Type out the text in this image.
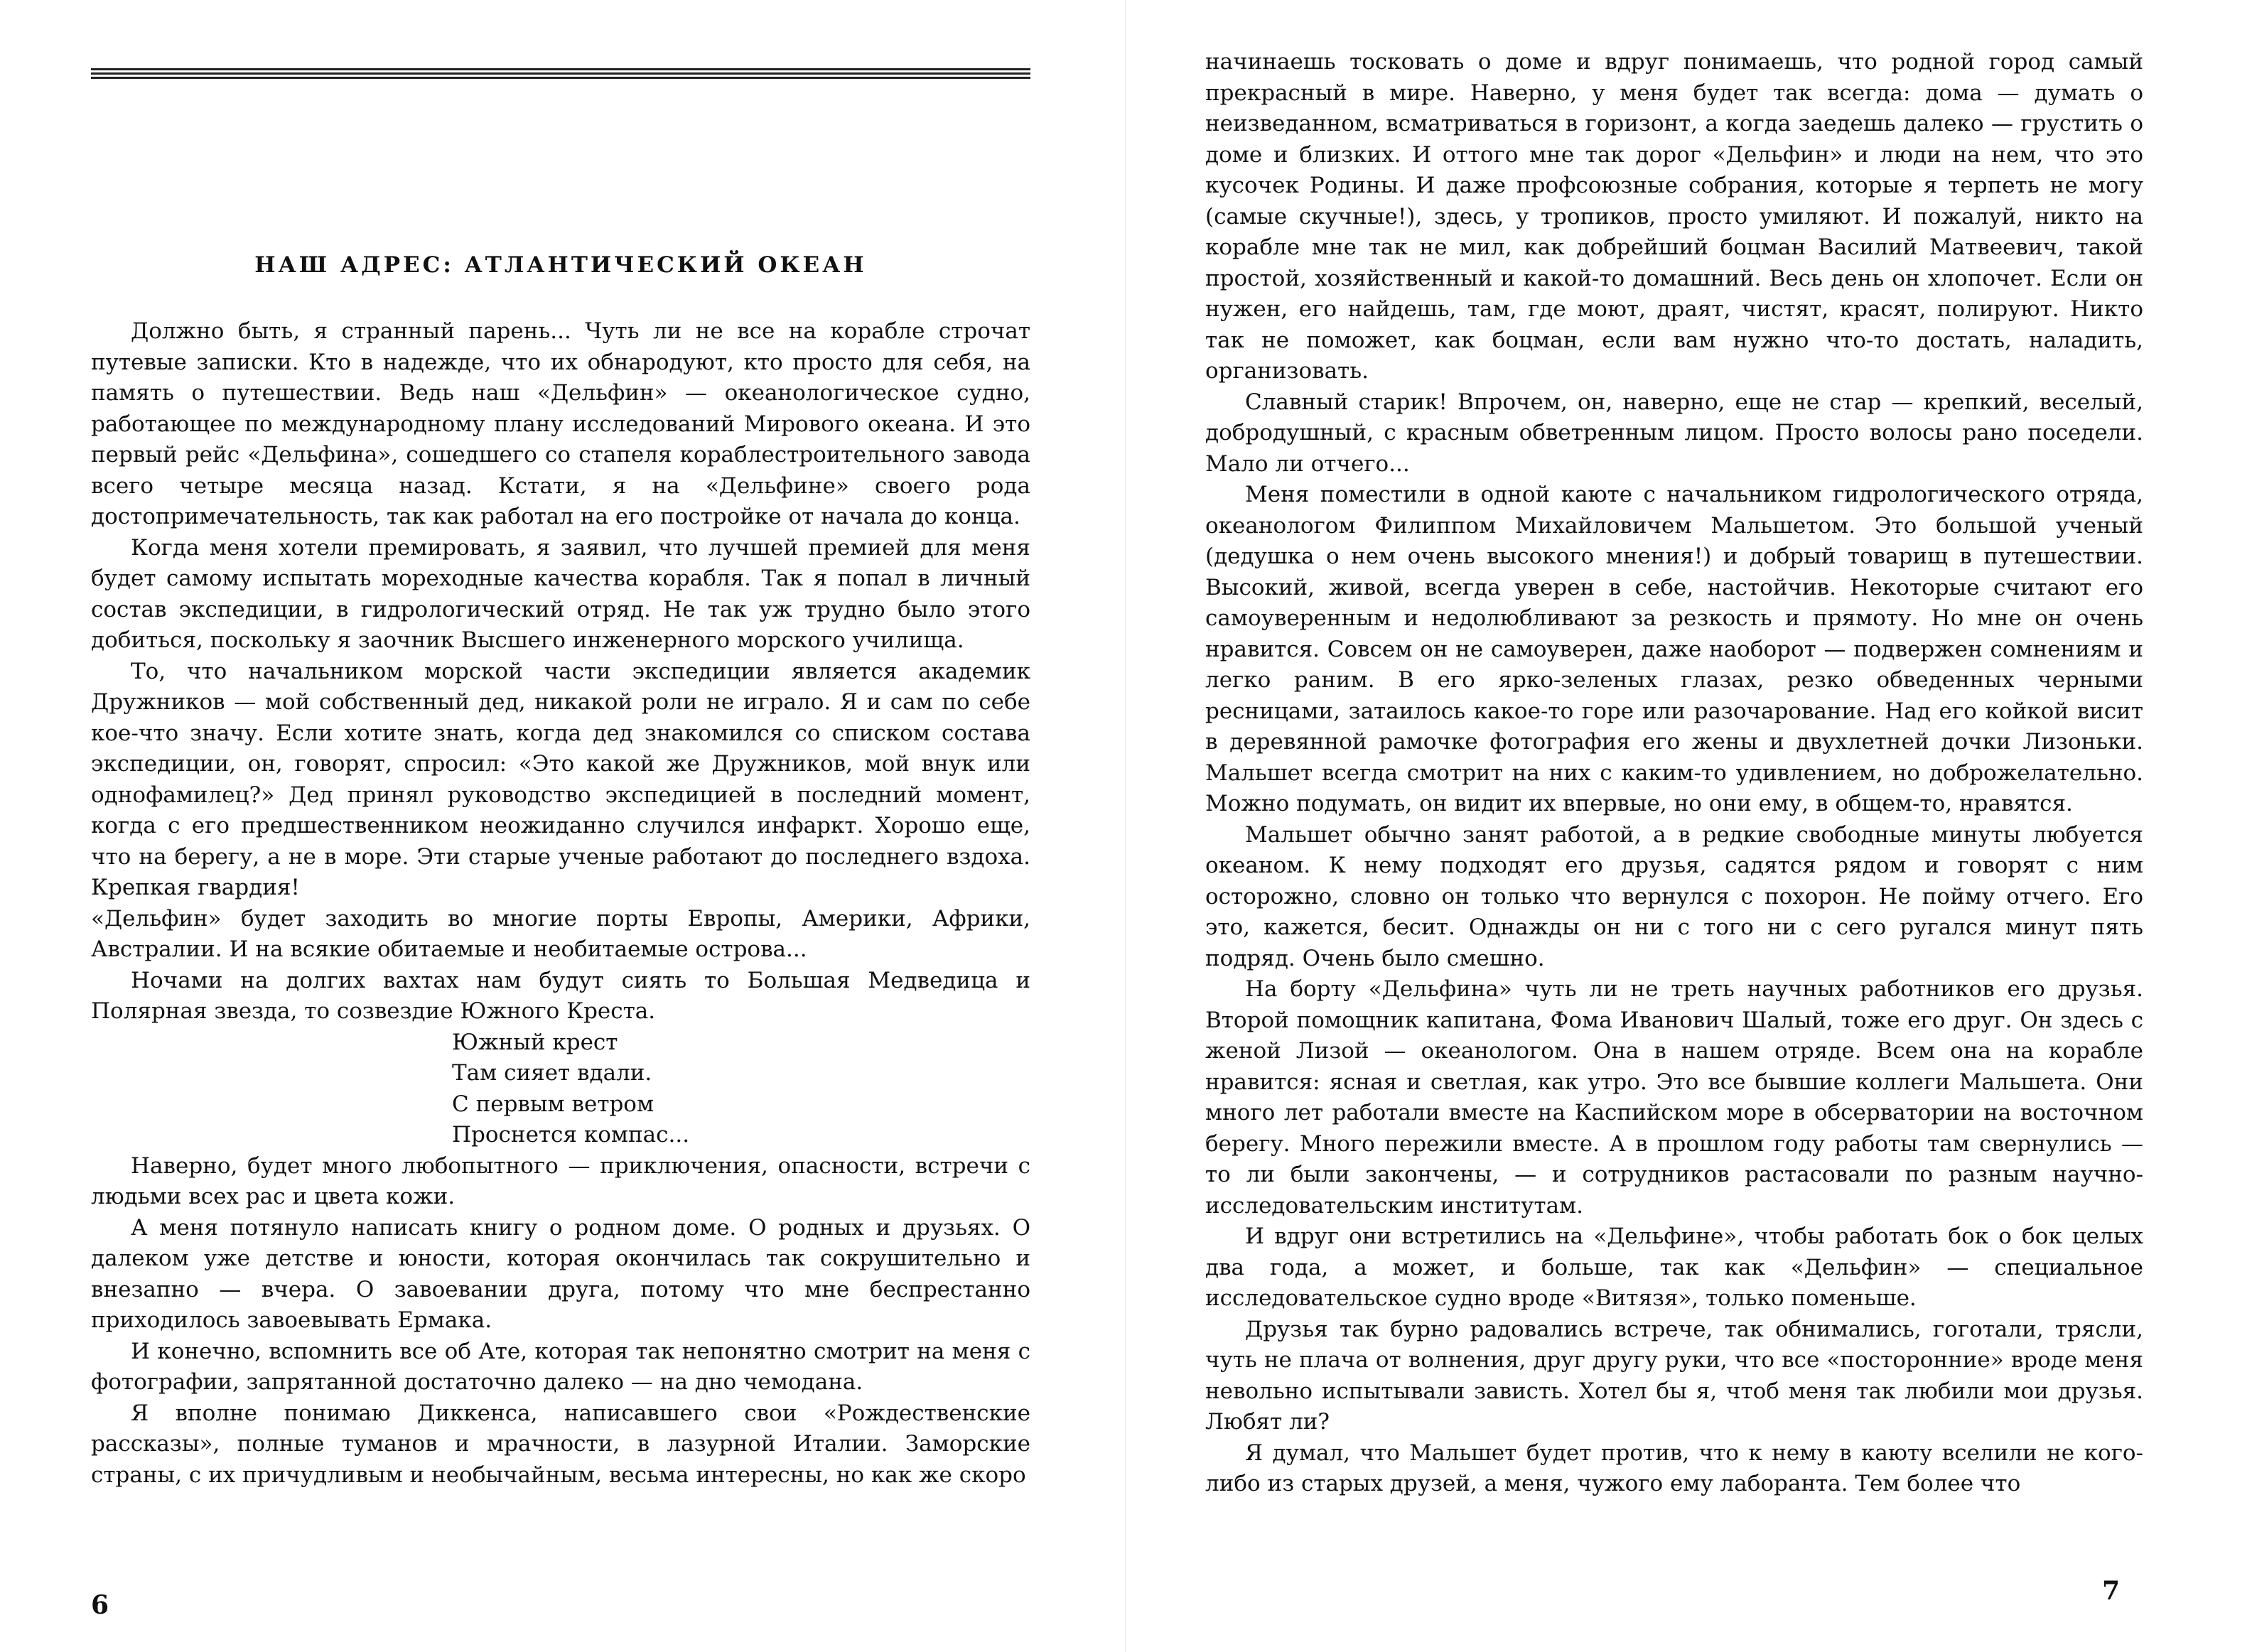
НАШ АДРЕС: АТЛАНТИЧЕСКИЙ ОКЕАН

Должно быть, я странный парень... Чуть ли не все на корабле строчат путевые записки. Кто в надежде, что их обнародуют, кто просто для себя, на память о путешествии. Ведь наш «Дельфин» — океанологическое судно, работающее по международному плану исследований Мирового океана. И это первый рейс «Дельфина», сошедшего со стапеля кораблестроительного завода всего четыре месяца назад. Кстати, я на «Дельфине» своего рода достопримечательность, так как работал на его постройке от начала до конца.

Когда меня хотели премировать, я заявил, что лучшей премией для меня будет самому испытать мореходные качества корабля. Так я попал в личный состав экспедиции, в гидрологический отряд. Не так уж трудно было этого добиться, поскольку я заочник Высшего инженерного морского училища.

То, что начальником морской части экспедиции является академик Дружников — мой собственный дед, никакой роли не играло. Я и сам по себе кое-что значу. Если хотите знать, когда дед знакомился со списком состава экспедиции, он, говорят, спросил: «Это какой же Дружников, мой внук или однофамилец?» Дед принял руководство экспедицией в последний момент, когда с его предшественником неожиданно случился инфаркт. Хорошо еще, что на берегу, а не в море. Эти старые ученые работают до последнего вздоха. Крепкая гвардия!

«Дельфин» будет заходить во многие порты Европы, Америки, Африки, Австралии. И на всякие обитаемые и необитаемые острова...

Ночами на долгих вахтах нам будут сиять то Большая Медведица и Полярная звезда, то созвездие Южного Креста.

Южный крест
Там сияет вдали.
С первым ветром
Проснется компас...

Наверно, будет много любопытного — приключения, опасности, встречи с людьми всех рас и цвета кожи.

А меня потянуло написать книгу о родном доме. О родных и друзьях. О далеком уже детстве и юности, которая окончилась так сокрушительно и внезапно — вчера. О завоевании друга, потому что мне беспрестанно приходилось завоевывать Ермака.

И конечно, вспомнить все об Ате, которая так непонятно смотрит на меня с фотографии, запрятанной достаточно далеко — на дно чемодана.

Я вполне понимаю Диккенса, написавшего свои «Рождественские рассказы», полные туманов и мрачности, в лазурной Италии. Заморские страны, с их причудливым и необычайным, весьма интересны, но как же скоро

6

начинаешь тосковать о доме и вдруг понимаешь, что родной город самый прекрасный в мире. Наверно, у меня будет так всегда: дома — думать о неизведанном, всматриваться в горизонт, а когда заедешь далеко — грустить о доме и близких. И оттого мне так дорог «Дельфин» и люди на нем, что это кусочек Родины. И даже профсоюзные собрания, которые я терпеть не могу (самые скучные!), здесь, у тропиков, просто умиляют. И пожалуй, никто на корабле мне так не мил, как добрейший боцман Василий Матвеевич, такой простой, хозяйственный и какой-то домашний. Весь день он хлопочет. Если он нужен, его найдешь, там, где моют, драят, чистят, красят, полируют. Никто так не поможет, как боцман, если вам нужно что-то достать, наладить, организовать.

Славный старик! Впрочем, он, наверно, еще не стар — крепкий, веселый, добродушный, с красным обветренным лицом. Просто волосы рано поседели. Мало ли отчего...

Меня поместили в одной каюте с начальником гидрологического отряда, океанологом Филиппом Михайловичем Мальшетом. Это большой ученый (дедушка о нем очень высокого мнения!) и добрый товарищ в путешествии. Высокий, живой, всегда уверен в себе, настойчив. Некоторые считают его самоуверенным и недолюбливают за резкость и прямоту. Но мне он очень нравится. Совсем он не самоуверен, даже наоборот — подвержен сомнениям и легко раним. В его ярко-зеленых глазах, резко обведенных черными ресницами, затаилось какое-то горе или разочарование. Над его койкой висит в деревянной рамочке фотография его жены и двухлетней дочки Лизоньки. Мальшет всегда смотрит на них с каким-то удивлением, но доброжелательно. Можно подумать, он видит их впервые, но они ему, в общем-то, нравятся.

Мальшет обычно занят работой, а в редкие свободные минуты любуется океаном. К нему подходят его друзья, садятся рядом и говорят с ним осторожно, словно он только что вернулся с похорон. Не пойму отчего. Его это, кажется, бесит. Однажды он ни с того ни с сего ругался минут пять подряд. Очень было смешно.

На борту «Дельфина» чуть ли не треть научных работников его друзья. Второй помощник капитана, Фома Иванович Шалый, тоже его друг. Он здесь с женой Лизой — океанологом. Она в нашем отряде. Всем она на корабле нравится: ясная и светлая, как утро. Это все бывшие коллеги Мальшета. Они много лет работали вместе на Каспийском море в обсерватории на восточном берегу. Много пережили вместе. А в прошлом году работы там свернулись — то ли были закончены, — и сотрудников растасовали по разным научно-исследовательским институтам.

И вдруг они встретились на «Дельфине», чтобы работать бок о бок целых два года, а может, и больше, так как «Дельфин» — специальное исследовательское судно вроде «Витязя», только поменьше.

Друзья так бурно радовались встрече, так обнимались, гоготали, трясли, чуть не плача от волнения, друг другу руки, что все «посторонние» вроде меня невольно испытывали зависть. Хотел бы я, чтоб меня так любили мои друзья. Любят ли?

Я думал, что Мальшет будет против, что к нему в каюту вселили не кого-либо из старых друзей, а меня, чужого ему лаборанта. Тем более что

7
